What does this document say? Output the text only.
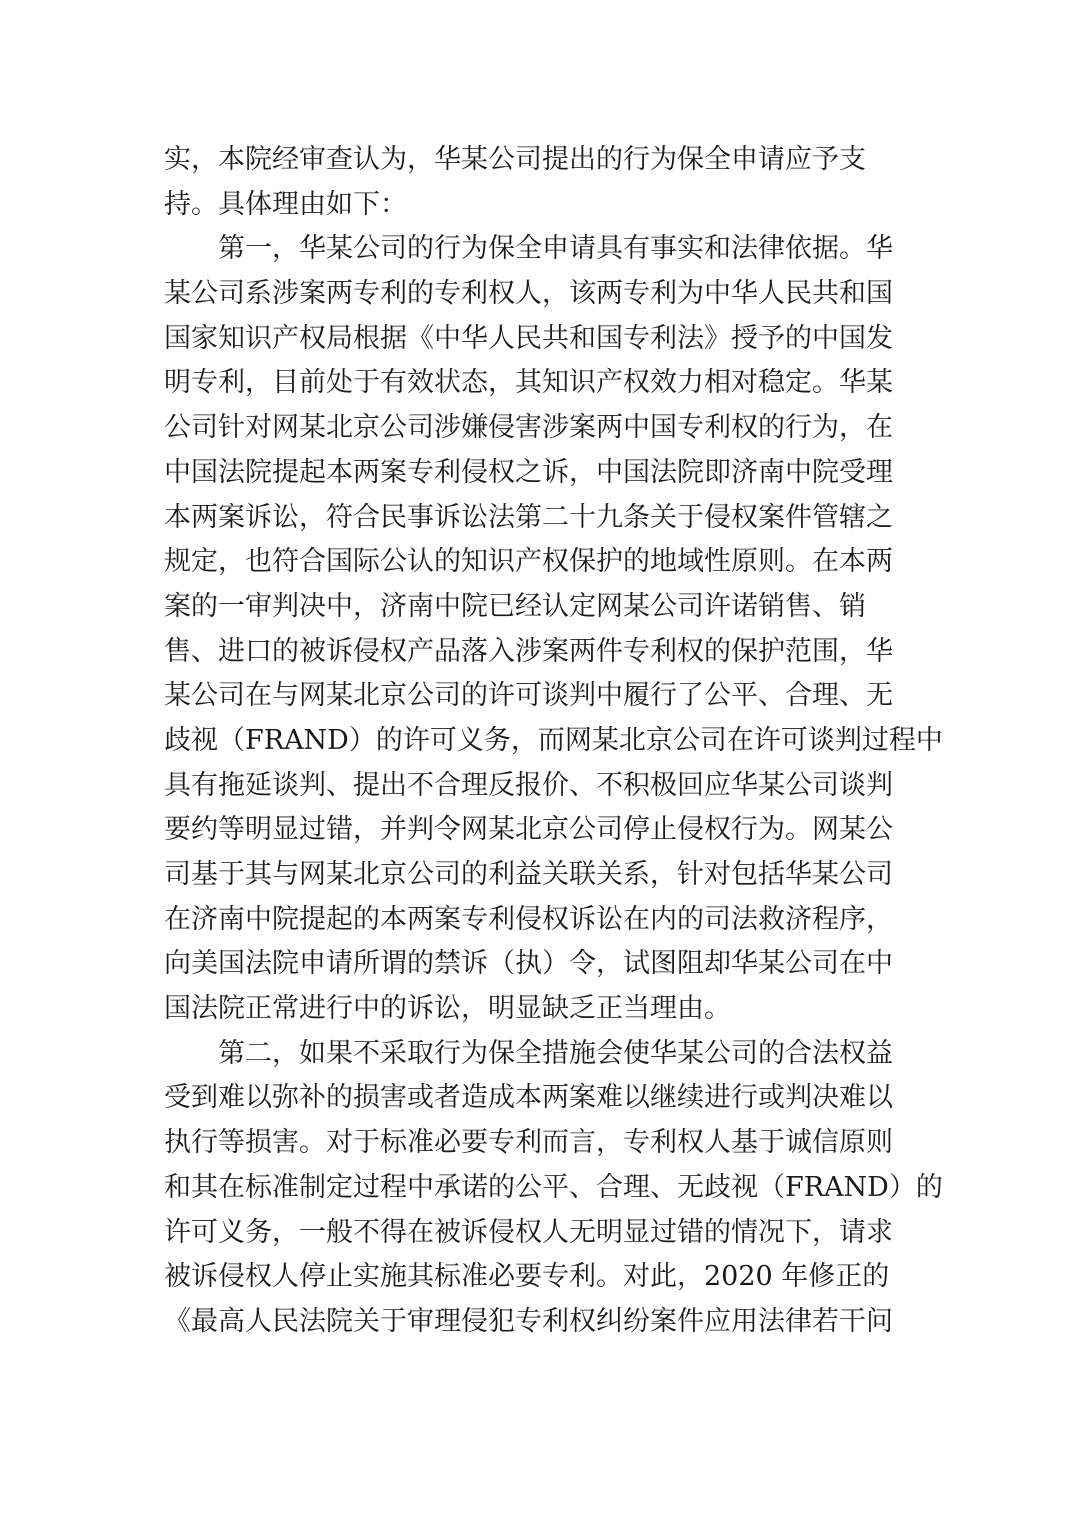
实，本院经审查认为，华某公司提出的行为保全申请应予支
持。具体理由如下：
第一，华某公司的行为保全申请具有事实和法律依据。华
某公司系涉案两专利的专利权人，该两专利为中华人民共和国
国家知识产权局根据《中华人民共和国专利法》授予的中国发
明专利，目前处于有效状态，其知识产权效力相对稳定。华某
公司针对网某北京公司涉嫌侵害涉案两中国专利权的行为，在
中国法院提起本两案专利侵权之诉，中国法院即济南中院受理
本两案诉讼，符合民事诉讼法第二十九条关于侵权案件管辖之
规定，也符合国际公认的知识产权保护的地域性原则。在本两
案的一审判决中，济南中院已经认定网某公司许诺销售、销
售、进口的被诉侵权产品落入涉案两件专利权的保护范围，华
某公司在与网某北京公司的许可谈判中履行了公平、合理、无
歧视（FRAND）的许可义务，而网某北京公司在许可谈判过程中
具有拖延谈判、提出不合理反报价、不积极回应华某公司谈判
要约等明显过错，并判令网某北京公司停止侵权行为。网某公
司基于其与网某北京公司的利益关联关系，针对包括华某公司
在济南中院提起的本两案专利侵权诉讼在内的司法救济程序，
向美国法院申请所谓的禁诉（执）令，试图阻却华某公司在中
国法院正常进行中的诉讼，明显缺乏正当理由。
第二，如果不采取行为保全措施会使华某公司的合法权益
受到难以弥补的损害或者造成本两案难以继续进行或判决难以
执行等损害。对于标准必要专利而言，专利权人基于诚信原则
和其在标准制定过程中承诺的公平、合理、无歧视（FRAND）的
许可义务，一般不得在被诉侵权人无明显过错的情况下，请求
被诉侵权人停止实施其标准必要专利。对此，2020 年修正的
《最高人民法院关于审理侵犯专利权纠纷案件应用法律若干问
